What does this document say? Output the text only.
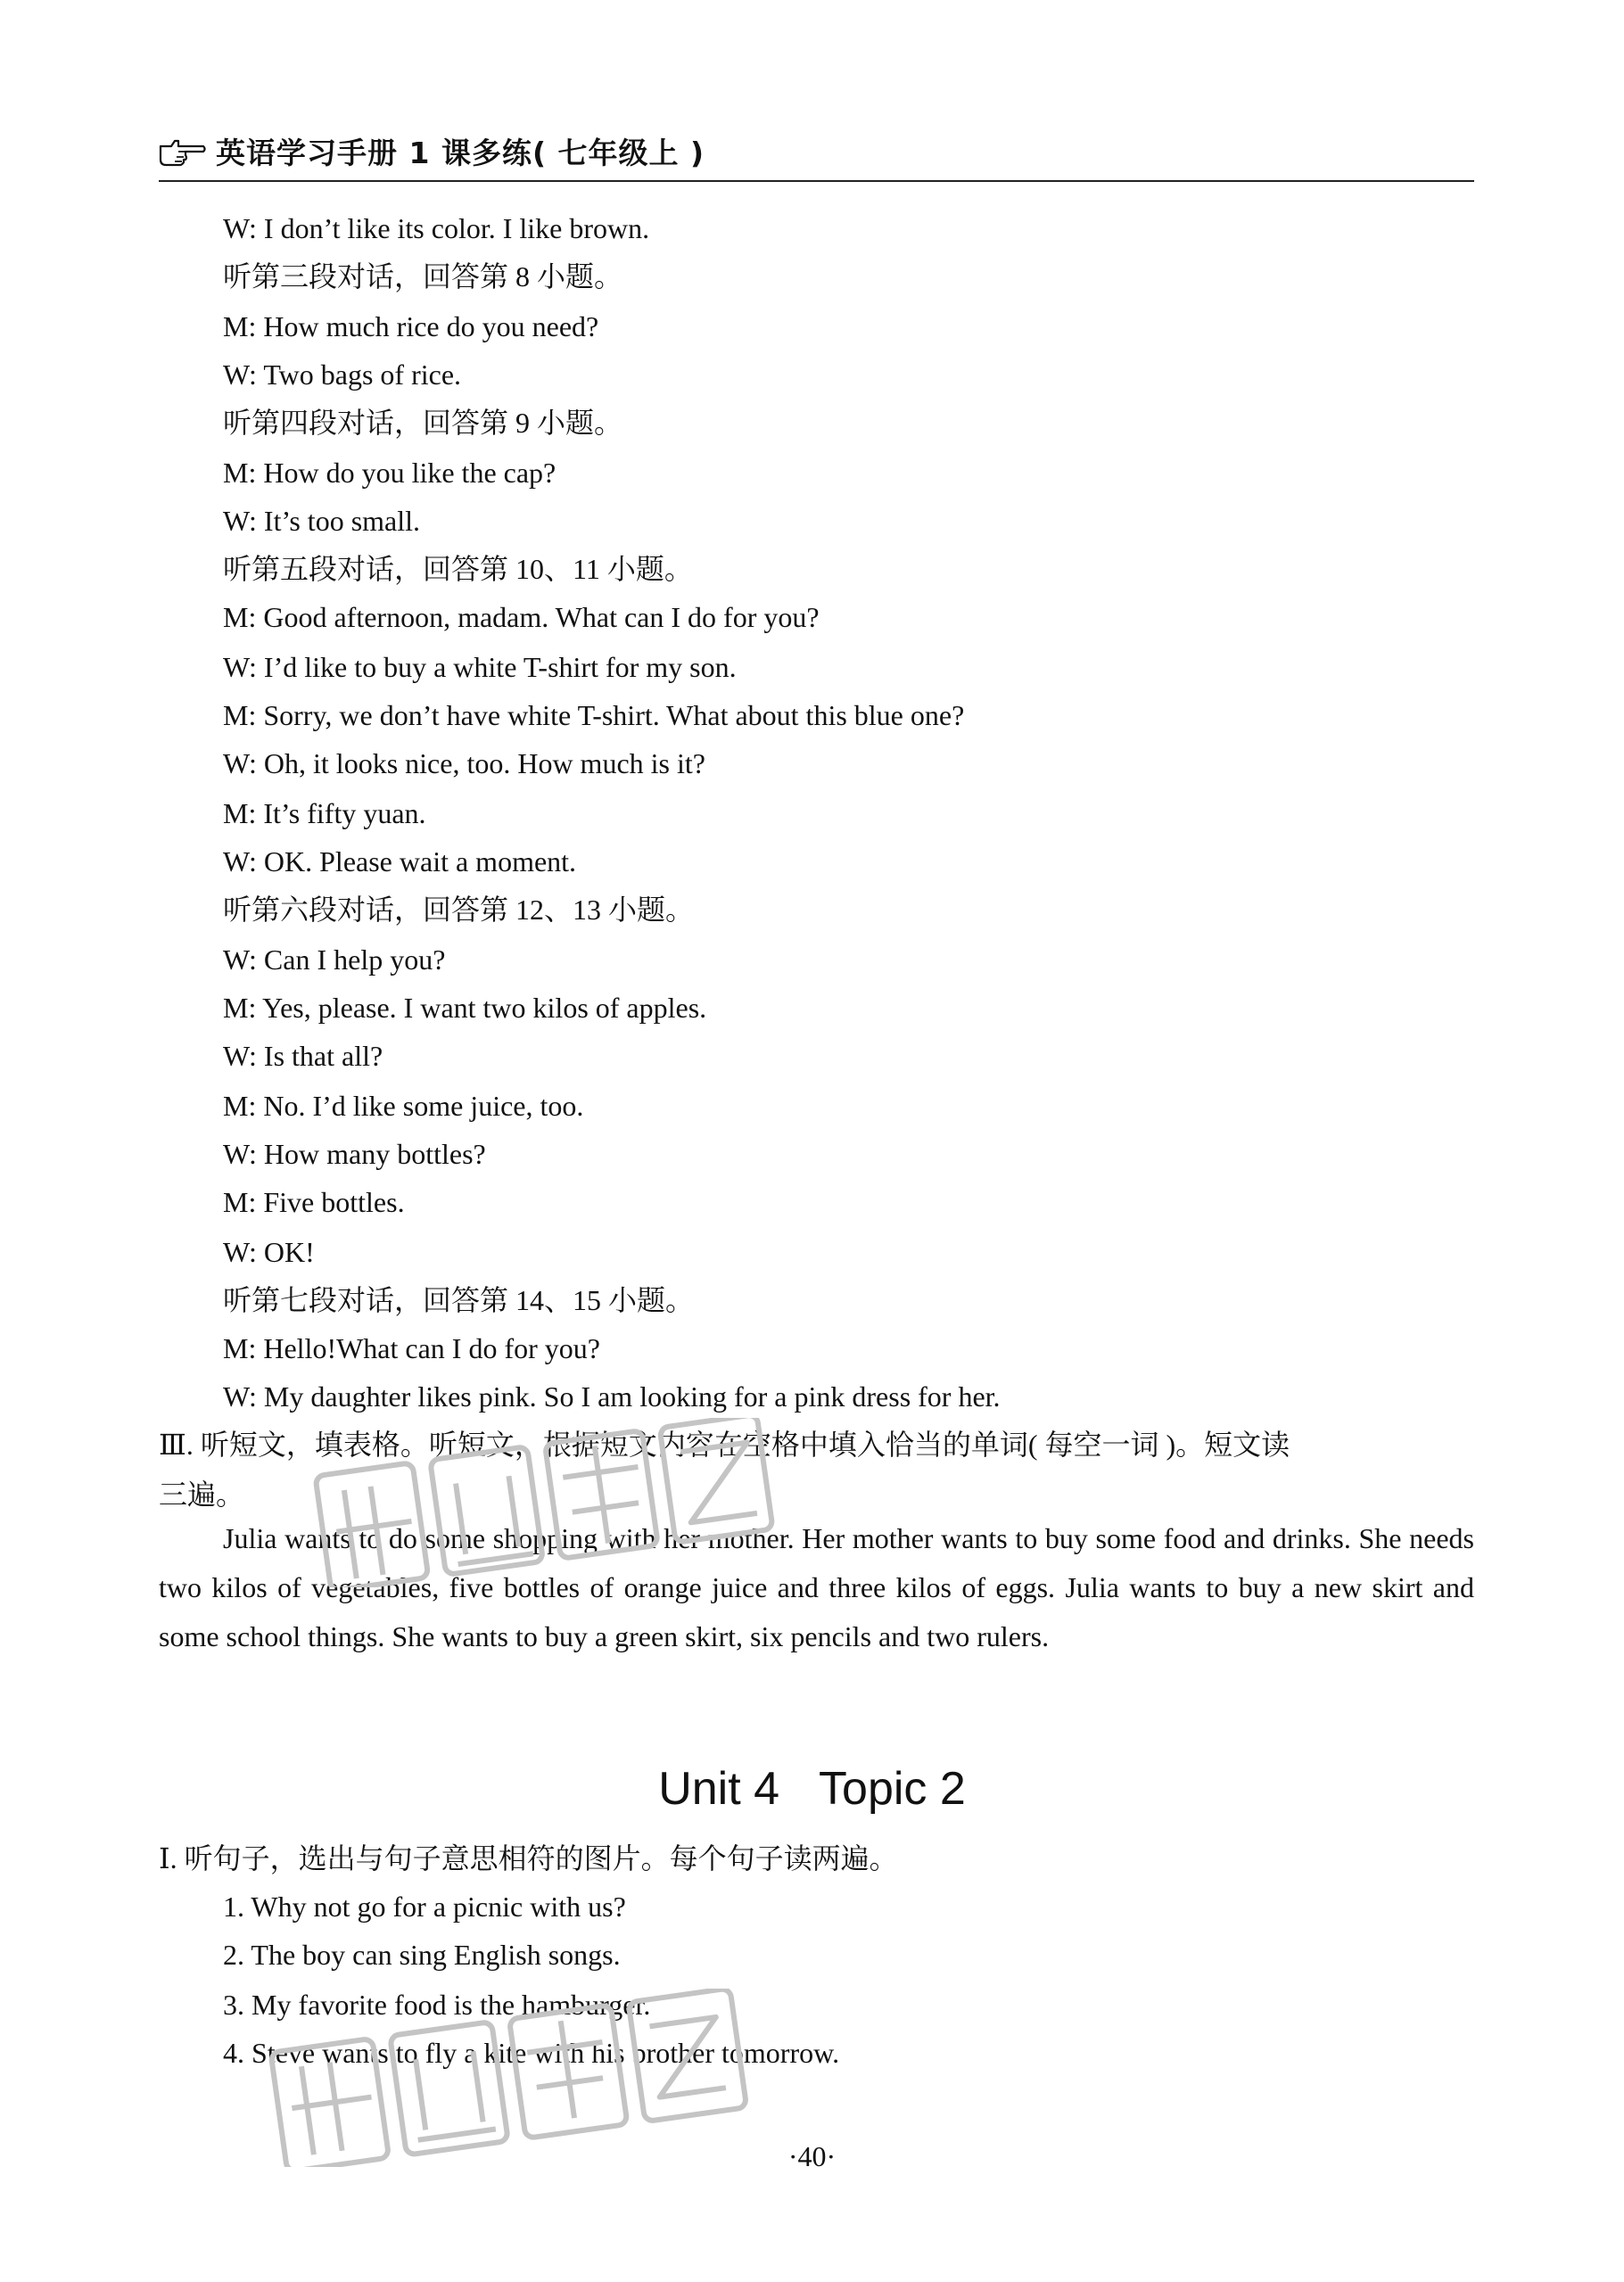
英语学习手册 1 课多练( 七年级上 )
W: I don’t like its color. I like brown.
听第三段对话，回答第 8 小题。
M: How much rice do you need?
W: Two bags of rice.
听第四段对话，回答第 9 小题。
M: How do you like the cap?
W: It’s too small.
听第五段对话，回答第 10、11 小题。
M: Good afternoon, madam. What can I do for you?
W: I’d like to buy a white T-shirt for my son.
M: Sorry, we don’t have white T-shirt. What about this blue one?
W: Oh, it looks nice, too. How much is it?
M: It’s fifty yuan.
W: OK. Please wait a moment.
听第六段对话，回答第 12、13 小题。
W: Can I help you?
M: Yes, please. I want two kilos of apples.
W: Is that all?
M: No. I’d like some juice, too.
W: How many bottles?
M: Five bottles.
W: OK!
听第七段对话，回答第 14、15 小题。
M: Hello!What can I do for you?
W: My daughter likes pink. So I am looking for a pink dress for her.
Ⅲ. 听短文，填表格。听短文，根据短文内容在空格中填入恰当的单词( 每空一词 )。短文读
三遍。
Julia wants to do some shopping with her mother. Her mother wants to buy some food and drinks. She needs two kilos of vegetables, five bottles of orange juice and three kilos of eggs. Julia wants to buy a new skirt and some school things. She wants to buy a green skirt, six pencils and two rulers.
Unit 4 Topic 2
Ⅰ. 听句子，选出与句子意思相符的图片。每个句子读两遍。
1. Why not go for a picnic with us?
2. The boy can sing English songs.
3. My favorite food is the hamburger.
4. Steve wants to fly a kite with his brother tomorrow.
·40·
